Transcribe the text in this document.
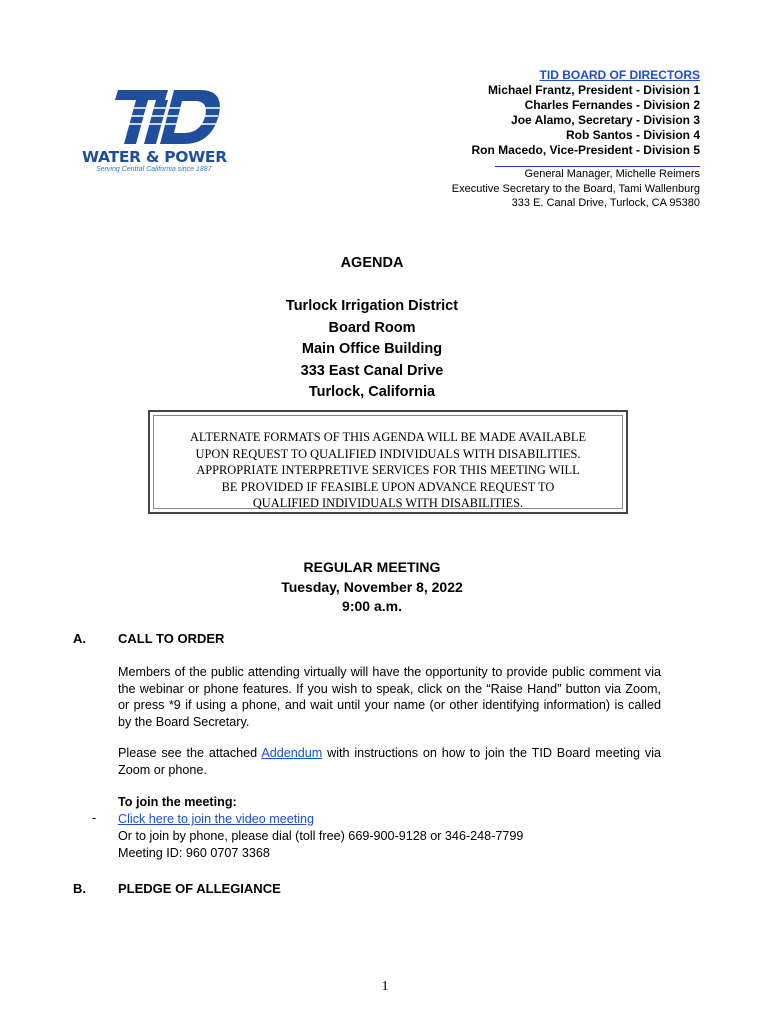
WATER & POWER
Serving Central California since 1887
TID BOARD OF DIRECTORS
Michael Frantz, President - Division 1
Charles Fernandes - Division 2
Joe Alamo, Secretary - Division 3
Rob Santos - Division 4
Ron Macedo, Vice-President - Division 5
General Manager, Michelle Reimers
Executive Secretary to the Board, Tami Wallenburg
333 E. Canal Drive, Turlock, CA 95380
AGENDA
Turlock Irrigation District
Board Room
Main Office Building
333 East Canal Drive
Turlock, California
ALTERNATE FORMATS OF THIS AGENDA WILL BE MADE AVAILABLE
UPON REQUEST TO QUALIFIED INDIVIDUALS WITH DISABILITIES.
APPROPRIATE INTERPRETIVE SERVICES FOR THIS MEETING WILL
BE PROVIDED IF FEASIBLE UPON ADVANCE REQUEST TO
QUALIFIED INDIVIDUALS WITH DISABILITIES.
REGULAR MEETING
Tuesday, November 8, 2022
9:00 a.m.
A. CALL TO ORDER
Members of the public attending virtually will have the opportunity to provide public comment via the webinar or phone features. If you wish to speak, click on the “Raise Hand” button via Zoom, or press *9 if using a phone, and wait until your name (or other identifying information) is called by the Board Secretary.
Please see the attached Addendum with instructions on how to join the TID Board meeting via Zoom or phone.
-
To join the meeting:
Click here to join the video meeting
Or to join by phone, please dial (toll free) 669-900-9128 or 346-248-7799
Meeting ID: 960 0707 3368
B. PLEDGE OF ALLEGIANCE
1
